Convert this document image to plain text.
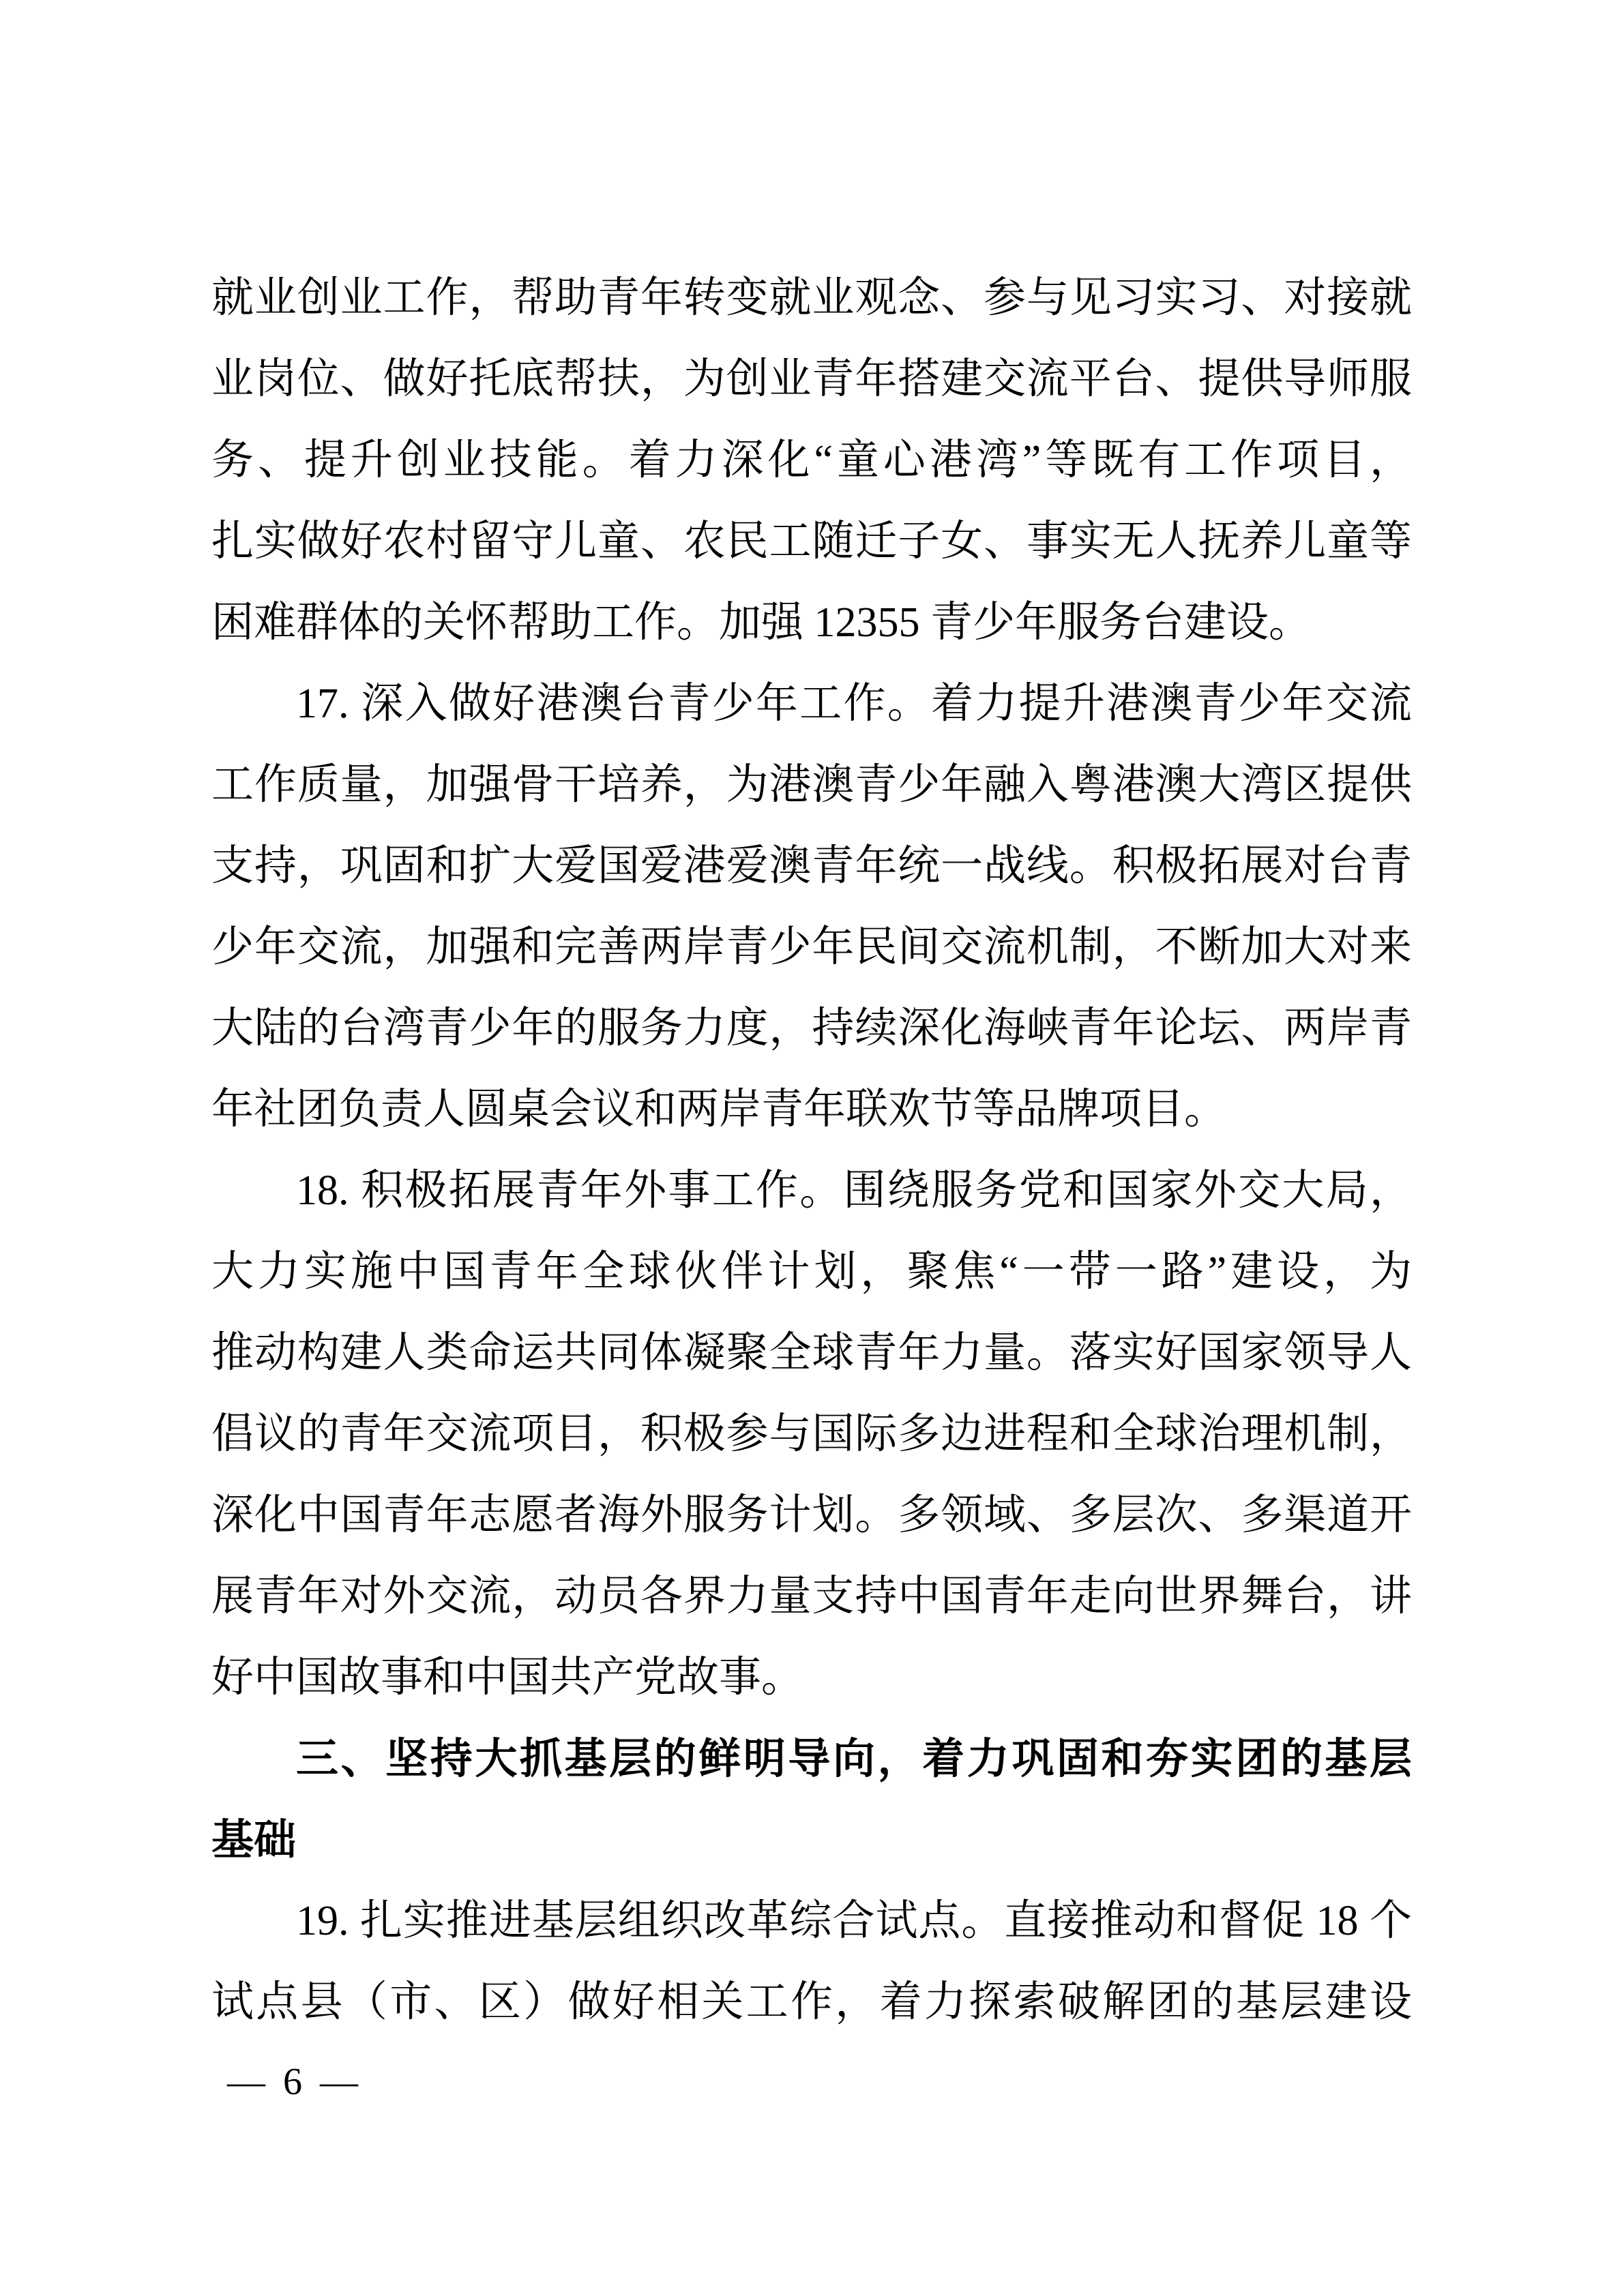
就业创业工作，帮助青年转变就业观念、参与见习实习、对接就

业岗位、做好托底帮扶，为创业青年搭建交流平台、提供导师服

务、提升创业技能。着力深化“童心港湾”等既有工作项目，

扎实做好农村留守儿童、农民工随迁子女、事实无人抚养儿童等

困难群体的关怀帮助工作。加强 12355 青少年服务台建设。

17. 深入做好港澳台青少年工作。着力提升港澳青少年交流

工作质量，加强骨干培养，为港澳青少年融入粤港澳大湾区提供

支持，巩固和扩大爱国爱港爱澳青年统一战线。积极拓展对台青

少年交流，加强和完善两岸青少年民间交流机制，不断加大对来

大陆的台湾青少年的服务力度，持续深化海峡青年论坛、两岸青

年社团负责人圆桌会议和两岸青年联欢节等品牌项目。

18. 积极拓展青年外事工作。围绕服务党和国家外交大局，

大力实施中国青年全球伙伴计划，聚焦“一带一路”建设，为

推动构建人类命运共同体凝聚全球青年力量。落实好国家领导人

倡议的青年交流项目，积极参与国际多边进程和全球治理机制，

深化中国青年志愿者海外服务计划。多领域、多层次、多渠道开

展青年对外交流，动员各界力量支持中国青年走向世界舞台，讲

好中国故事和中国共产党故事。

三、坚持大抓基层的鲜明导向，着力巩固和夯实团的基层

基础

19. 扎实推进基层组织改革综合试点。直接推动和督促 18 个

试点县（市、区）做好相关工作，着力探索破解团的基层建设

— 6 —
